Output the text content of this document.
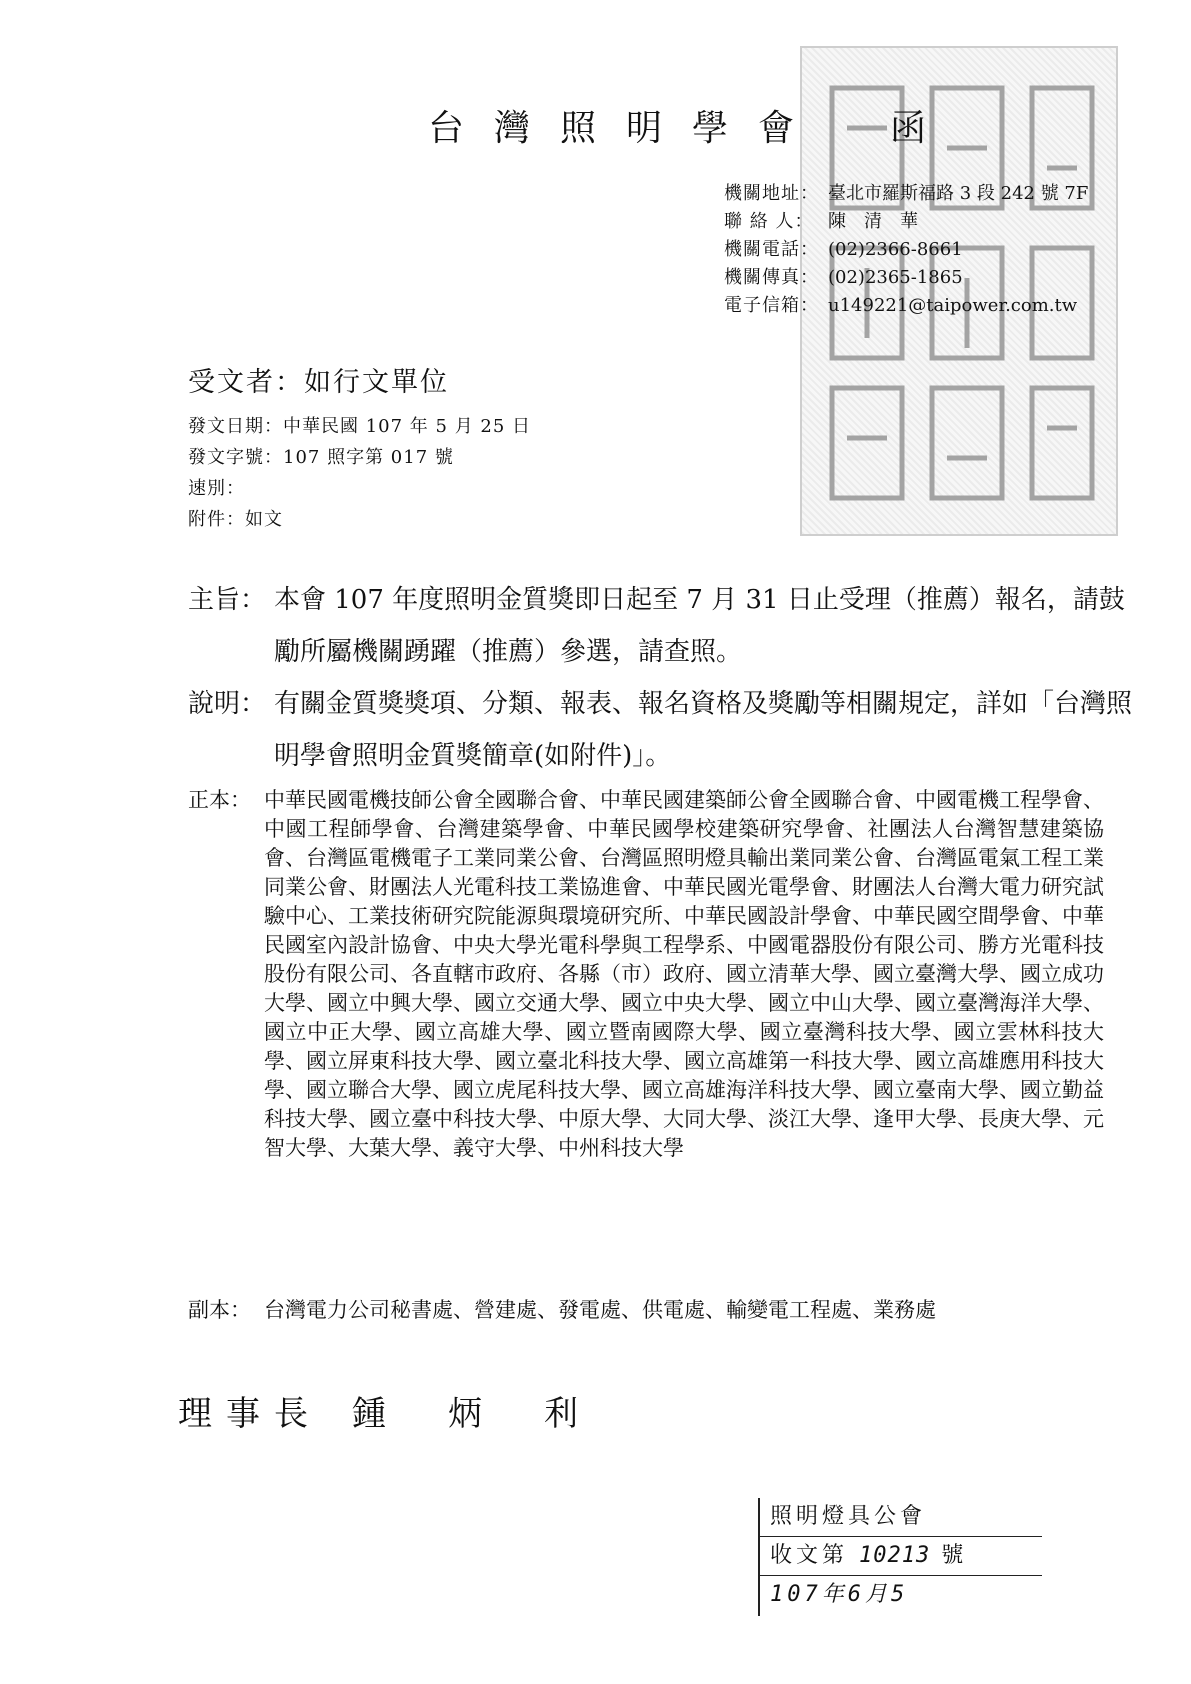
台灣照明學會　函
機關地址： 臺北市羅斯福路 3 段 242 號 7F
聯 絡 人： 陳　清　華
機關電話： (02)2366-8661
機關傳真： (02)2365-1865
電子信箱： u149221@taipower.com.tw
受文者：如行文單位
發文日期：中華民國 107 年 5 月 25 日
發文字號：107 照字第 017 號
速別：
附件：如文
主旨： 本會 107 年度照明金質獎即日起至 7 月 31 日止受理（推薦）報名，請鼓勵所屬機關踴躍（推薦）參選，請查照。
說明： 有關金質獎獎項、分類、報表、報名資格及獎勵等相關規定，詳如「台灣照明學會照明金質獎簡章(如附件)」。
正本： 中華民國電機技師公會全國聯合會、中華民國建築師公會全國聯合會、中國電機工程學會、中國工程師學會、台灣建築學會、中華民國學校建築研究學會、社團法人台灣智慧建築協會、台灣區電機電子工業同業公會、台灣區照明燈具輸出業同業公會、台灣區電氣工程工業同業公會、財團法人光電科技工業協進會、中華民國光電學會、財團法人台灣大電力研究試驗中心、工業技術研究院能源與環境研究所、中華民國設計學會、中華民國空間學會、中華民國室內設計協會、中央大學光電科學與工程學系、中國電器股份有限公司、勝方光電科技股份有限公司、各直轄市政府、各縣（市）政府、國立清華大學、國立臺灣大學、國立成功大學、國立中興大學、國立交通大學、國立中央大學、國立中山大學、國立臺灣海洋大學、國立中正大學、國立高雄大學、國立暨南國際大學、國立臺灣科技大學、國立雲林科技大學、國立屏東科技大學、國立臺北科技大學、國立高雄第一科技大學、國立高雄應用科技大學、國立聯合大學、國立虎尾科技大學、國立高雄海洋科技大學、國立臺南大學、國立勤益科技大學、國立臺中科技大學、中原大學、大同大學、淡江大學、逢甲大學、長庚大學、元智大學、大葉大學、義守大學、中州科技大學
副本： 台灣電力公司秘書處、營建處、發電處、供電處、輸變電工程處、業務處
理事長 鍾　炳　利
照明燈具公會
收文第 10213 號
107年6月5
